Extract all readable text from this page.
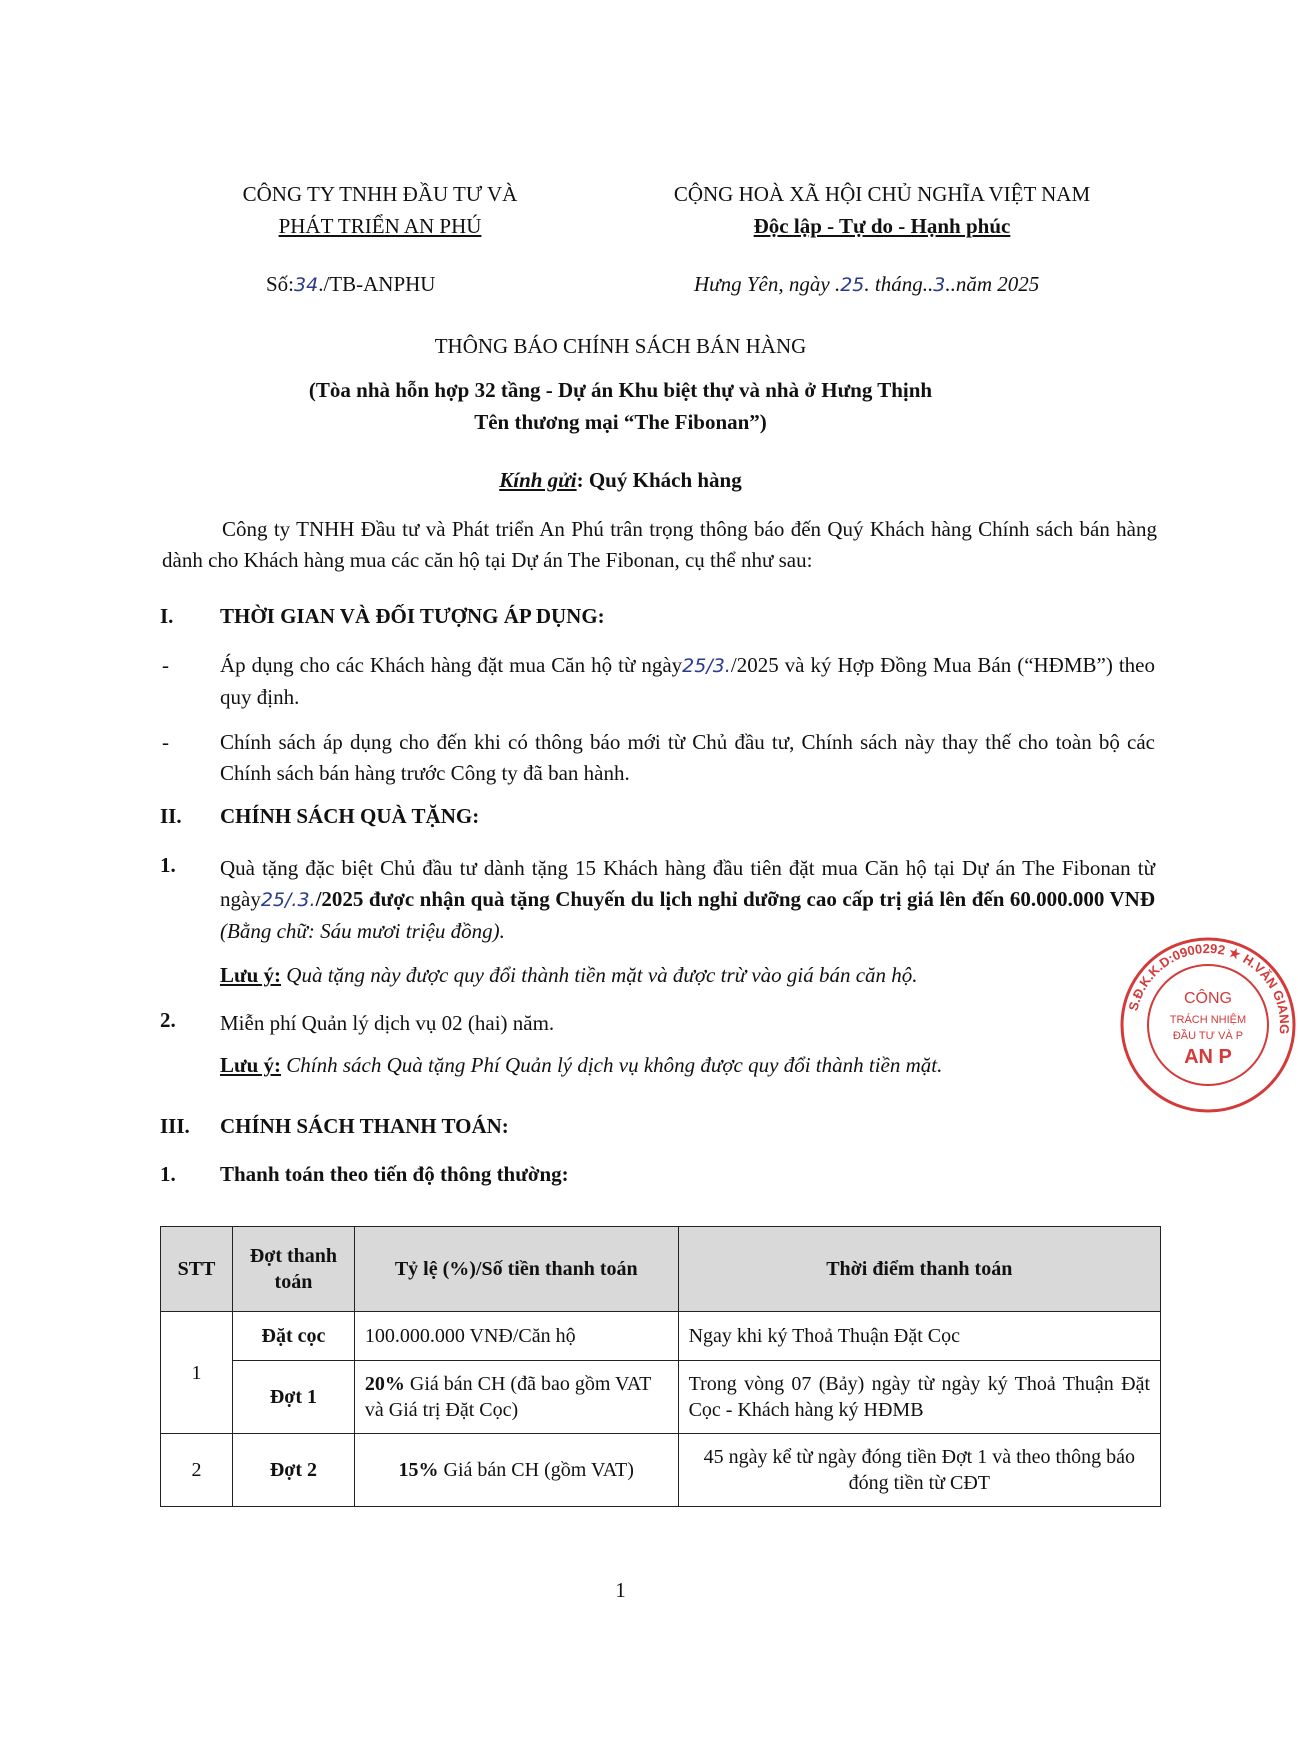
CÔNG TY TNHH ĐẦU TƯ VÀ
PHÁT TRIỂN AN PHÚ
CỘNG HOÀ XÃ HỘI CHỦ NGHĨA VIỆT NAM
Độc lập - Tự do - Hạnh phúc
Số:34./TB-ANPHU	Hưng Yên, ngày .25. tháng..3..năm 2025
THÔNG BÁO CHÍNH SÁCH BÁN HÀNG
(Tòa nhà hỗn hợp 32 tầng - Dự án Khu biệt thự và nhà ở Hưng Thịnh
Tên thương mại “The Fibonan”)
Kính gửi: Quý Khách hàng
Công ty TNHH Đầu tư và Phát triển An Phú trân trọng thông báo đến Quý Khách hàng Chính sách bán hàng dành cho Khách hàng mua các căn hộ tại Dự án The Fibonan, cụ thể như sau:
I. THỜI GIAN VÀ ĐỐI TƯỢNG ÁP DỤNG:
- Áp dụng cho các Khách hàng đặt mua Căn hộ từ ngày25/3./2025 và ký Hợp Đồng Mua Bán (“HĐMB”) theo quy định.
- Chính sách áp dụng cho đến khi có thông báo mới từ Chủ đầu tư, Chính sách này thay thế cho toàn bộ các Chính sách bán hàng trước Công ty đã ban hành.
II. CHÍNH SÁCH QUÀ TẶNG:
1. Quà tặng đặc biệt Chủ đầu tư dành tặng 15 Khách hàng đầu tiên đặt mua Căn hộ tại Dự án The Fibonan từ ngày25/.3./2025 được nhận quà tặng Chuyến du lịch nghỉ dưỡng cao cấp trị giá lên đến 60.000.000 VNĐ (Bằng chữ: Sáu mươi triệu đồng).
Lưu ý: Quà tặng này được quy đổi thành tiền mặt và được trừ vào giá bán căn hộ.
2. Miễn phí Quản lý dịch vụ 02 (hai) năm.
Lưu ý: Chính sách Quà tặng Phí Quản lý dịch vụ không được quy đổi thành tiền mặt.
III. CHÍNH SÁCH THANH TOÁN:
1. Thanh toán theo tiến độ thông thường:
S.Đ.K.K.D:0900292 ★ H.VĂN GIANG
CÔNG
TRÁCH NHIỆM
ĐẦU TƯ VÀ P
AN P
STT	Đợt thanh toán	Tỷ lệ (%)/Số tiền thanh toán	Thời điểm thanh toán
1	Đặt cọc	100.000.000 VNĐ/Căn hộ	Ngay khi ký Thoả Thuận Đặt Cọc
	Đợt 1	20% Giá bán CH (đã bao gồm VAT và Giá trị Đặt Cọc)	Trong vòng 07 (Bảy) ngày từ ngày ký Thoả Thuận Đặt Cọc - Khách hàng ký HĐMB
2	Đợt 2	15% Giá bán CH (gồm VAT)	45 ngày kể từ ngày đóng tiền Đợt 1 và theo thông báo đóng tiền từ CĐT
1
